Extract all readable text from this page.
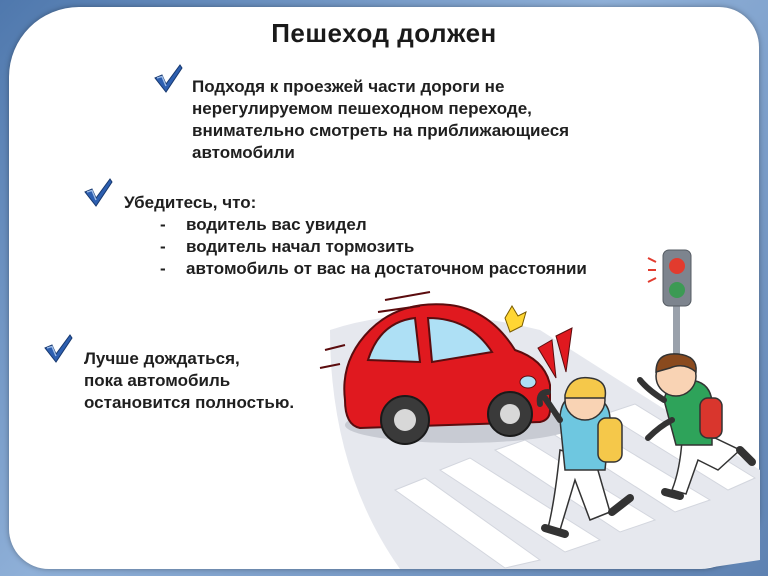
Пешеход должен
Подходя к проезжей части дороги не
нерегулируемом пешеходном переходе,
внимательно смотреть на приближающиеся
автомобили
Убедитесь, что:
- водитель вас увидел
- водитель начал тормозить
- автомобиль от вас на достаточном расстоянии
Лучше дождаться,
пока автомобиль
остановится полностью.
